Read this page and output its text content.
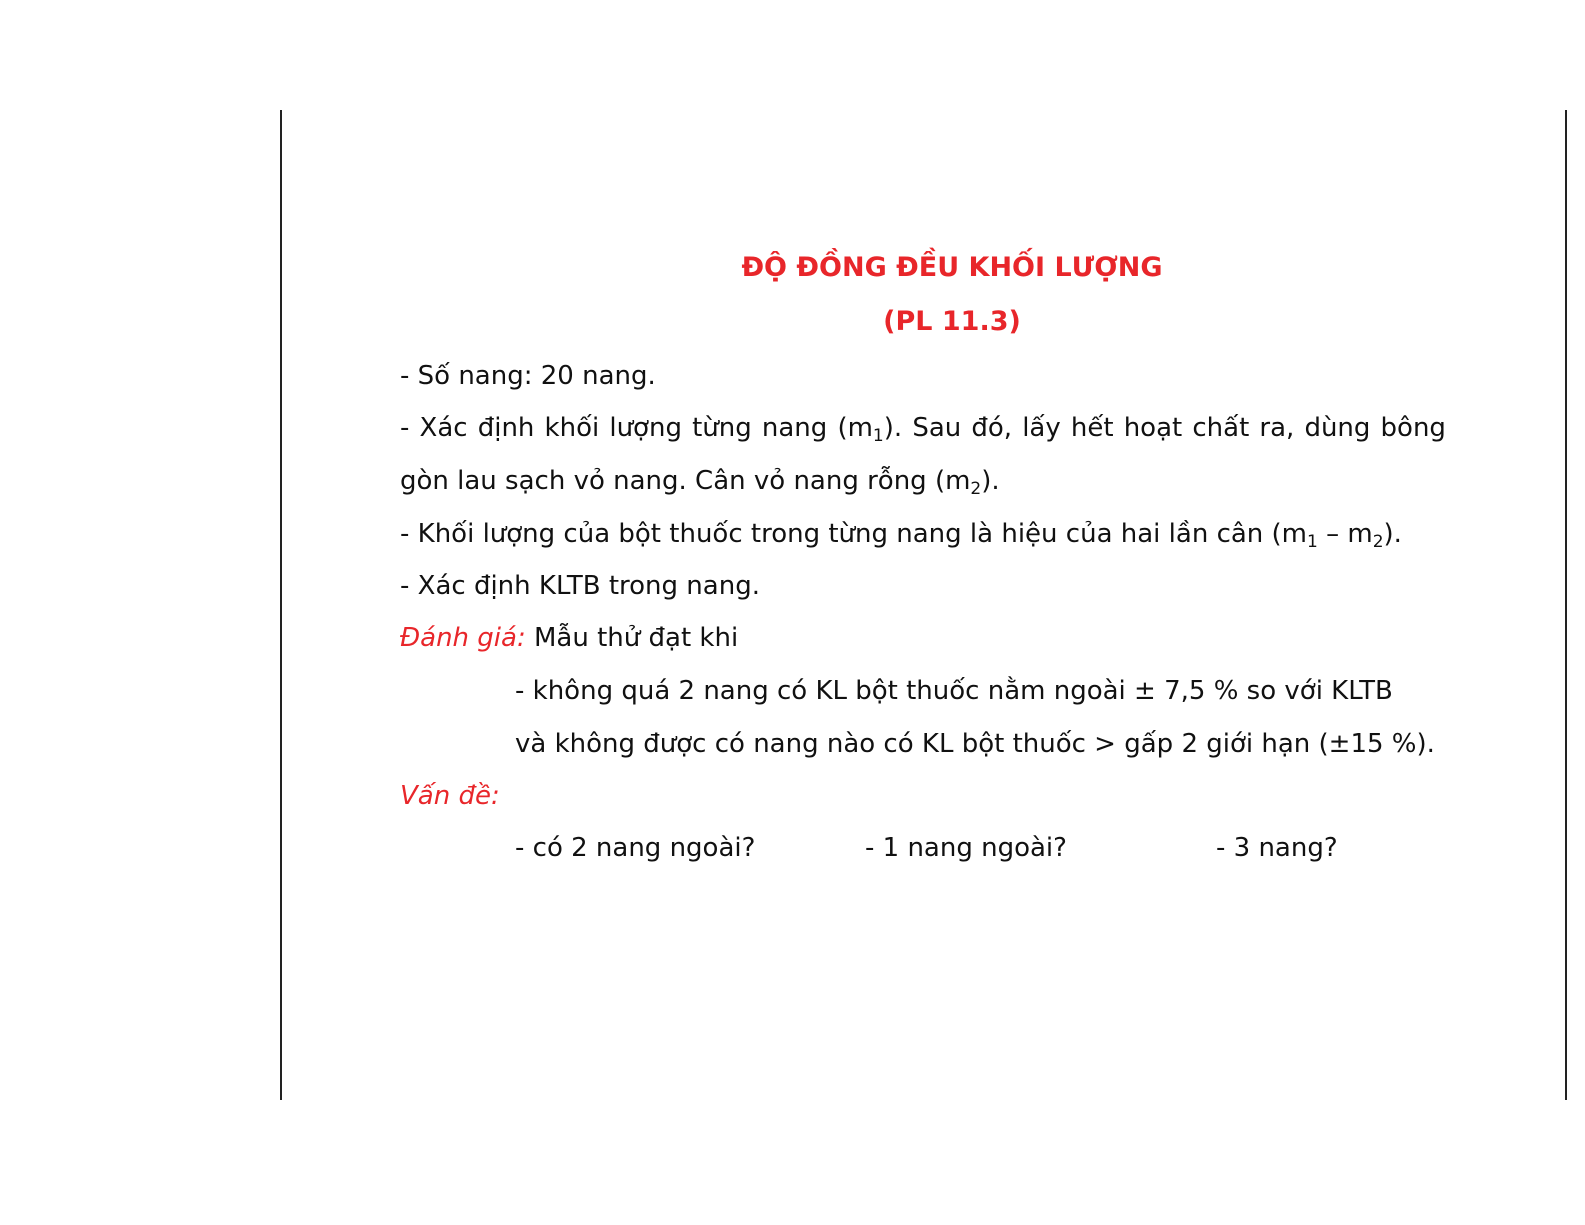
ĐỘ ĐỒNG ĐỀU KHỐI LƯỢNG
(PL 11.3)
- Số nang: 20 nang.
- Xác định khối lượng từng nang $(m_1)$. Sau đó, lấy hết hoạt chất ra, dùng bông
gòn lau sạch vỏ nang. Cân vỏ nang rỗng $(m_2)$.
- Khối lượng của bột thuốc trong từng nang là hiệu của hai lần cân $(m_1 - m_2)$.
- Xác định KLTB trong nang.
Đánh giá: Mẫu thử đạt khi
- không quá 2 nang có KL bột thuốc nằm ngoài ± 7,5 % so với KLTB
và không được có nang nào có KL bột thuốc > gấp 2 giới hạn (±15 %).
Vấn đề:
- có 2 nang ngoài?	- 1 nang ngoài?	- 3 nang?
